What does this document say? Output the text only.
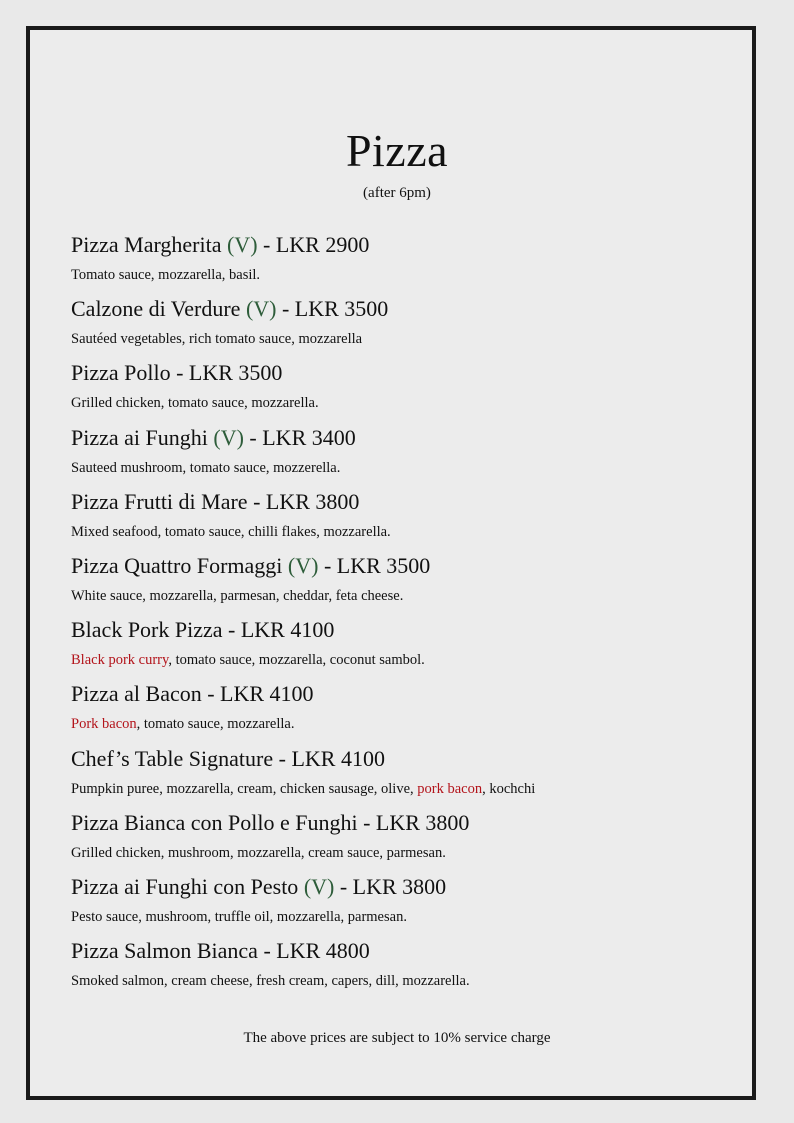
Pizza
(after 6pm)
Pizza Margherita (V) - LKR 2900
Tomato sauce, mozzarella, basil.
Calzone di Verdure (V) - LKR 3500
Sautéed vegetables, rich tomato sauce, mozzarella
Pizza Pollo - LKR 3500
Grilled chicken, tomato sauce, mozzarella.
Pizza ai Funghi (V) - LKR 3400
Sauteed mushroom, tomato sauce, mozzerella.
Pizza Frutti di Mare - LKR 3800
Mixed seafood, tomato sauce, chilli flakes, mozzarella.
Pizza Quattro Formaggi (V) - LKR 3500
White sauce, mozzarella, parmesan, cheddar, feta cheese.
Black Pork Pizza - LKR 4100
Black pork curry, tomato sauce, mozzarella, coconut sambol.
Pizza al Bacon - LKR 4100
Pork bacon, tomato sauce, mozzarella.
Chef’s Table Signature - LKR 4100
Pumpkin puree, mozzarella, cream, chicken sausage, olive, pork bacon, kochchi
Pizza Bianca con Pollo e Funghi - LKR 3800
Grilled chicken, mushroom, mozzarella, cream sauce, parmesan.
Pizza ai Funghi con Pesto (V) - LKR 3800
Pesto sauce, mushroom, truffle oil, mozzarella, parmesan.
Pizza Salmon Bianca - LKR 4800
Smoked salmon, cream cheese, fresh cream, capers, dill, mozzarella.
The above prices are subject to 10% service charge
